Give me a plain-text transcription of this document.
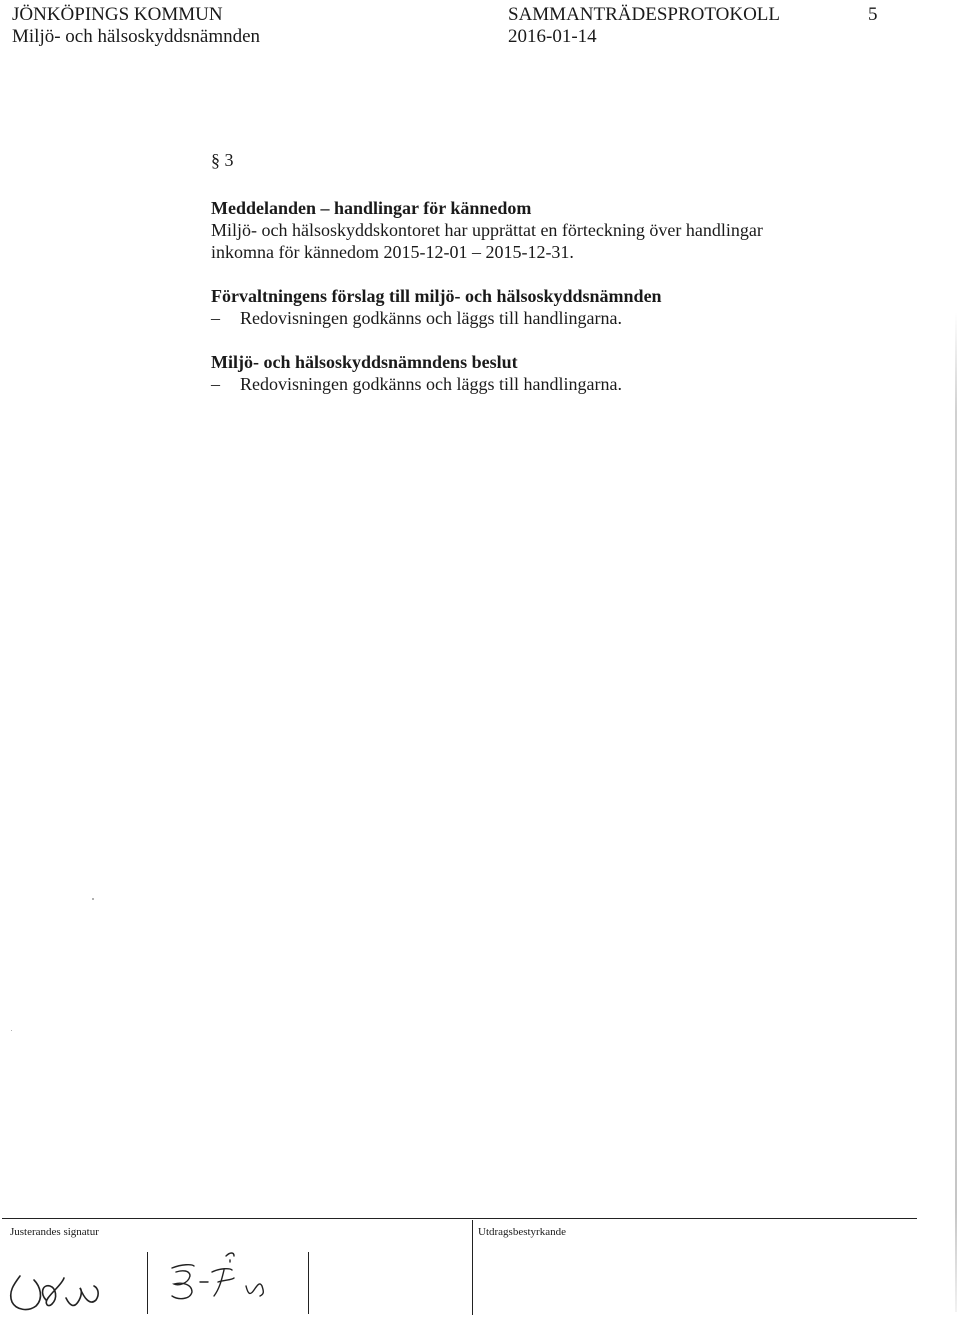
JÖNKÖPINGS KOMMUN
Miljö- och hälsoskyddsnämnden
SAMMANTRÄDESPROTOKOLL
2016-01-14
5
§ 3
Meddelanden – handlingar för kännedom
Miljö- och hälsoskyddskontoret har upprättat en förteckning över handlingar
inkomna för kännedom 2015-12-01 – 2015-12-31.
Förvaltningens förslag till miljö- och hälsoskyddsnämnden
–	Redovisningen godkänns och läggs till handlingarna.
Miljö- och hälsoskyddsnämndens beslut
–	Redovisningen godkänns och läggs till handlingarna.
Justerandes signatur	Utdragsbestyrkande
